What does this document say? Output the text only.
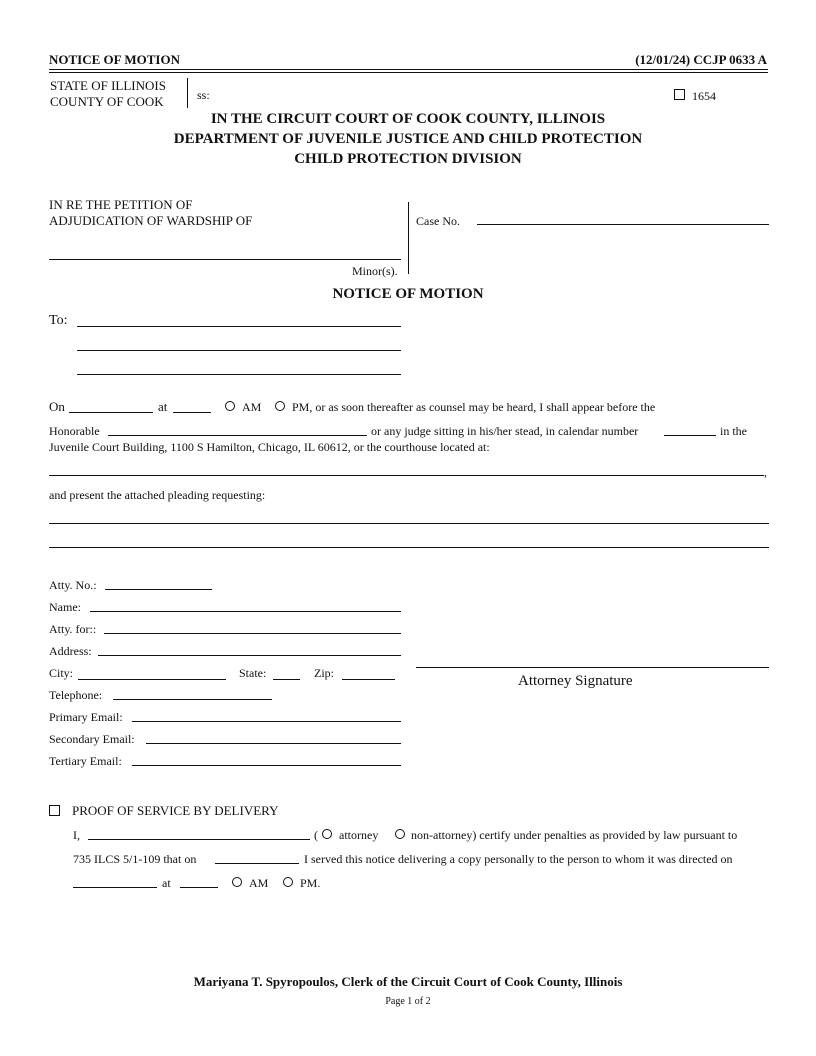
NOTICE OF MOTION	(12/01/24) CCJP 0633 A
STATE OF ILLINOIS
COUNTY OF COOK	ss:	1654
IN THE CIRCUIT COURT OF COOK COUNTY, ILLINOIS
DEPARTMENT OF JUVENILE JUSTICE AND CHILD PROTECTION
CHILD PROTECTION DIVISION
IN RE THE PETITION OF
ADJUDICATION OF WARDSHIP OF
Minor(s).
Case No.
NOTICE OF MOTION
To:
On	at	AM	PM, or as soon thereafter as counsel may be heard, I shall appear before the
Honorable	or any judge sitting in his/her stead, in calendar number	in the
Juvenile Court Building, 1100 S Hamilton, Chicago, IL 60612, or the courthouse located at:
,
and present the attached pleading requesting:
Atty. No.:
Name:
Atty. for::
Address:
City:	State:	Zip:
Telephone:
Primary Email:
Secondary Email:
Tertiary Email:
Attorney Signature
PROOF OF SERVICE BY DELIVERY
I,	( attorney	non-attorney) certify under penalties as provided by law pursuant to
735 ILCS 5/1-109 that on	I served this notice delivering a copy personally to the person to whom it was directed on
at	AM	PM.
Mariyana T. Spyropoulos, Clerk of the Circuit Court of Cook County, Illinois
Page 1 of 2
